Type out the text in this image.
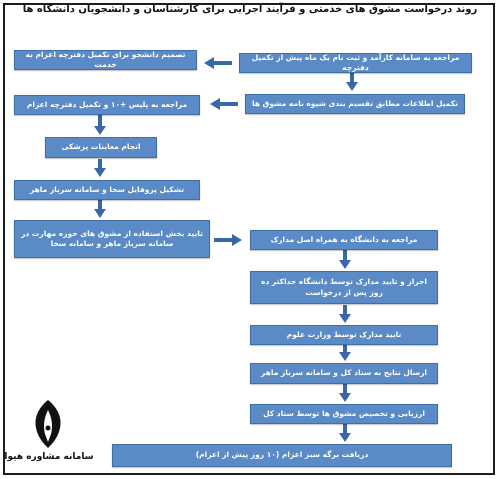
روند درخواست مشوق های خدمتی و فرآیند اجرایی برای کارشناسان و دانشجویان دانشگاه ها
مراجعه به سامانه کارآمد و ثبت نام یک ماه پیش از تکمیل دفترچه
تصمیم دانشجو برای تکمیل دفترچه اعزام به خدمت
تکمیل اطلاعات مطابق تقسیم بندی شیوه نامه مشوق ها
مراجعه به پلیس +۱۰ و تکمیل دفترچه اعزام
انجام معاینات پزشکی
تشکیل پروفایل سخا و سامانه سرباز ماهر
تایید بخش استفاده از مشوق های حوزه مهارت در سامانه سرباز ماهر و سامانه سخا	مراجعه به دانشگاه به همراه اصل مدارک
احراز و تایید مدارک توسط دانشگاه حداکثر ده روز پس از درخواست
تایید مدارک توسط وزارت علوم
ارسال نتایج به ستاد کل و سامانه سرباز ماهر
ارزیابی و تخصیص مشوق ها توسط ستاد کل
دریافت برگه سبز اعزام (۱۰ روز پیش از اعزام)
سامانه مشاوره هیوا
